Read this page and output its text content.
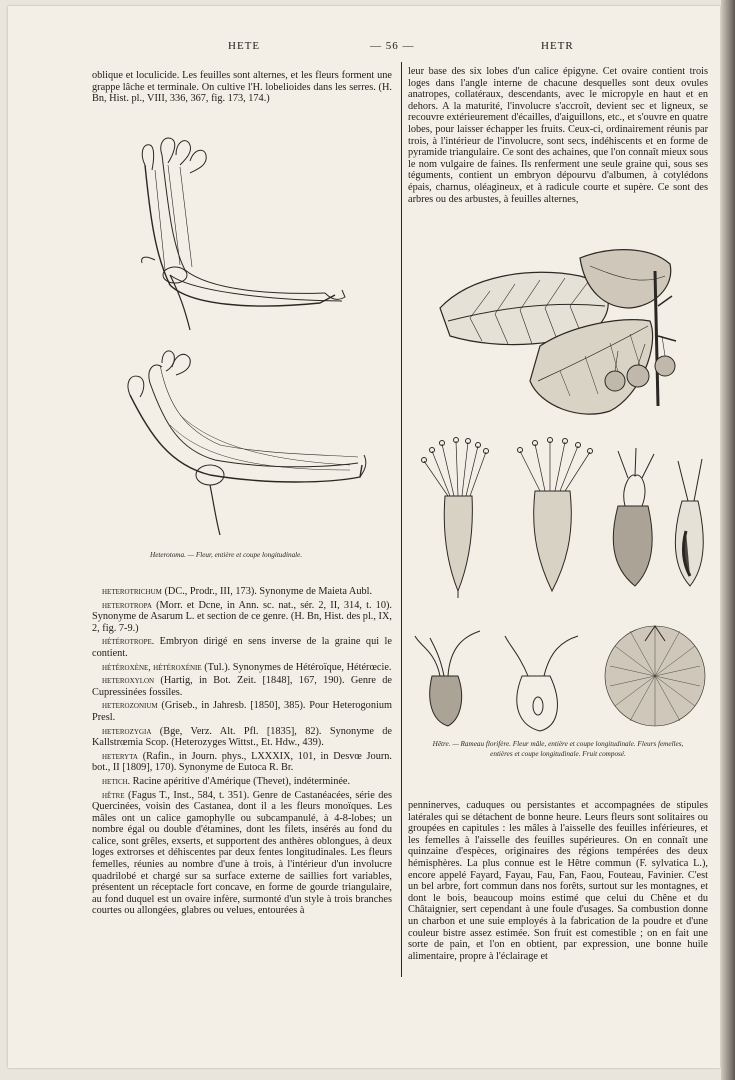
HETE	— 56 —	HETR

oblique et loculicide. Les feuilles sont alternes, et les fleurs forment une grappe lâche et terminale. On cultive l'H. lobelioides dans les serres. (H. Bn, Hist. pl., VIII, 336, 367, fig. 173, 174.)

Heterotoma. — Fleur, entière et coupe longitudinale.

heterotrichum (DC., Prodr., III, 173). Synonyme de Maieta Aubl.

heterotropa (Morr. et Dcne, in Ann. sc. nat., sér. 2, II, 314, t. 10). Synonyme de Asarum L. et section de ce genre. (H. Bn, Hist. des pl., IX, 2, fig. 7-9.)

hétérotrope. Embryon dirigé en sens inverse de la graine qui le contient.

hétéroxène, hétéroxénie (Tul.). Synonymes de Hétéroïque, Hétérœcie.

heteroxylon (Hartig, in Bot. Zeit. [1848], 167, 190). Genre de Cupressinées fossiles.

heterozonium (Griseb., in Jahresb. [1850], 385). Pour Heterogonium Presl.

heterozygia (Bge, Verz. Alt. Pfl. [1835], 82). Synonyme de Kallstrœmia Scop. (Heterozyges Wittst., Et. Hdw., 439).

heteryta (Rafin., in Journ. phys., LXXXIX, 101, in Desvœ Journ. bot., II [1809], 170). Synonyme de Eutoca R. Br.

hetich. Racine apéritive d'Amérique (Thevet), indéterminée.

hêtre (Fagus T., Inst., 584, t. 351). Genre de Castanéacées, série des Quercinées, voisin des Castanea, dont il a les fleurs monoïques. Les mâles ont un calice gamophylle ou subcampanulé, à 4-8-lobes; un nombre égal ou double d'étamines, dont les filets, insérés au fond du calice, sont grêles, exserts, et supportent des anthères oblongues, à deux loges extrorses et déhiscentes par deux fentes longitudinales. Les fleurs femelles, réunies au nombre d'une à trois, à l'intérieur d'un involucre quadrilobé et chargé sur sa surface externe de saillies fort variables, présentent un réceptacle fort concave, en forme de gourde triangulaire, au fond duquel est un ovaire infère, surmonté d'un style à trois branches courtes ou allongées, glabres ou velues, entourées à

leur base des six lobes d'un calice épigyne. Cet ovaire contient trois loges dans l'angle interne de chacune desquelles sont deux ovules anatropes, collatéraux, descendants, avec le micropyle en haut et en dehors. A la maturité, l'involucre s'accroît, devient sec et ligneux, se recouvre extérieurement d'écailles, d'aiguillons, etc., et s'ouvre en quatre lobes, pour laisser échapper les fruits. Ceux-ci, ordinairement réunis par trois, à l'intérieur de l'involucre, sont secs, indéhiscents et en forme de pyramide triangulaire. Ce sont des achaines, que l'on connaît mieux sous le nom vulgaire de faines. Ils renferment une seule graine qui, sous ses téguments, contient un embryon dépourvu d'albumen, à cotylédons épais, charnus, oléagineux, et à radicule courte et supère. Ce sont des arbres ou des arbustes, à feuilles alternes,

Hêtre. — Rameau florifère. Fleur mâle, entière et coupe longitudinale. Fleurs femelles,
entières et coupe longitudinale. Fruit composé.

penninerves, caduques ou persistantes et accompagnées de stipules latérales qui se détachent de bonne heure. Leurs fleurs sont solitaires ou groupées en capitules : les mâles à l'aisselle des feuilles inférieures, et les femelles à l'aisselle des feuilles supérieures. On en connaît une quinzaine d'espèces, originaires des régions tempérées des deux hémisphères. La plus connue est le Hêtre commun (F. sylvatica L.), encore appelé Fayard, Fayau, Fau, Fan, Faou, Fouteau, Favinier. C'est un bel arbre, fort commun dans nos forêts, surtout sur les montagnes, et dont le bois, beaucoup moins estimé que celui du Chêne et du Châtaignier, sert cependant à une foule d'usages. Sa combustion donne un charbon et une suie employés à la fabrication de la poudre et d'une couleur bistre assez estimée. Son fruit est comestible ; on en fait une sorte de pain, et l'on en obtient, par expression, une bonne huile alimentaire, propre à l'éclairage et
